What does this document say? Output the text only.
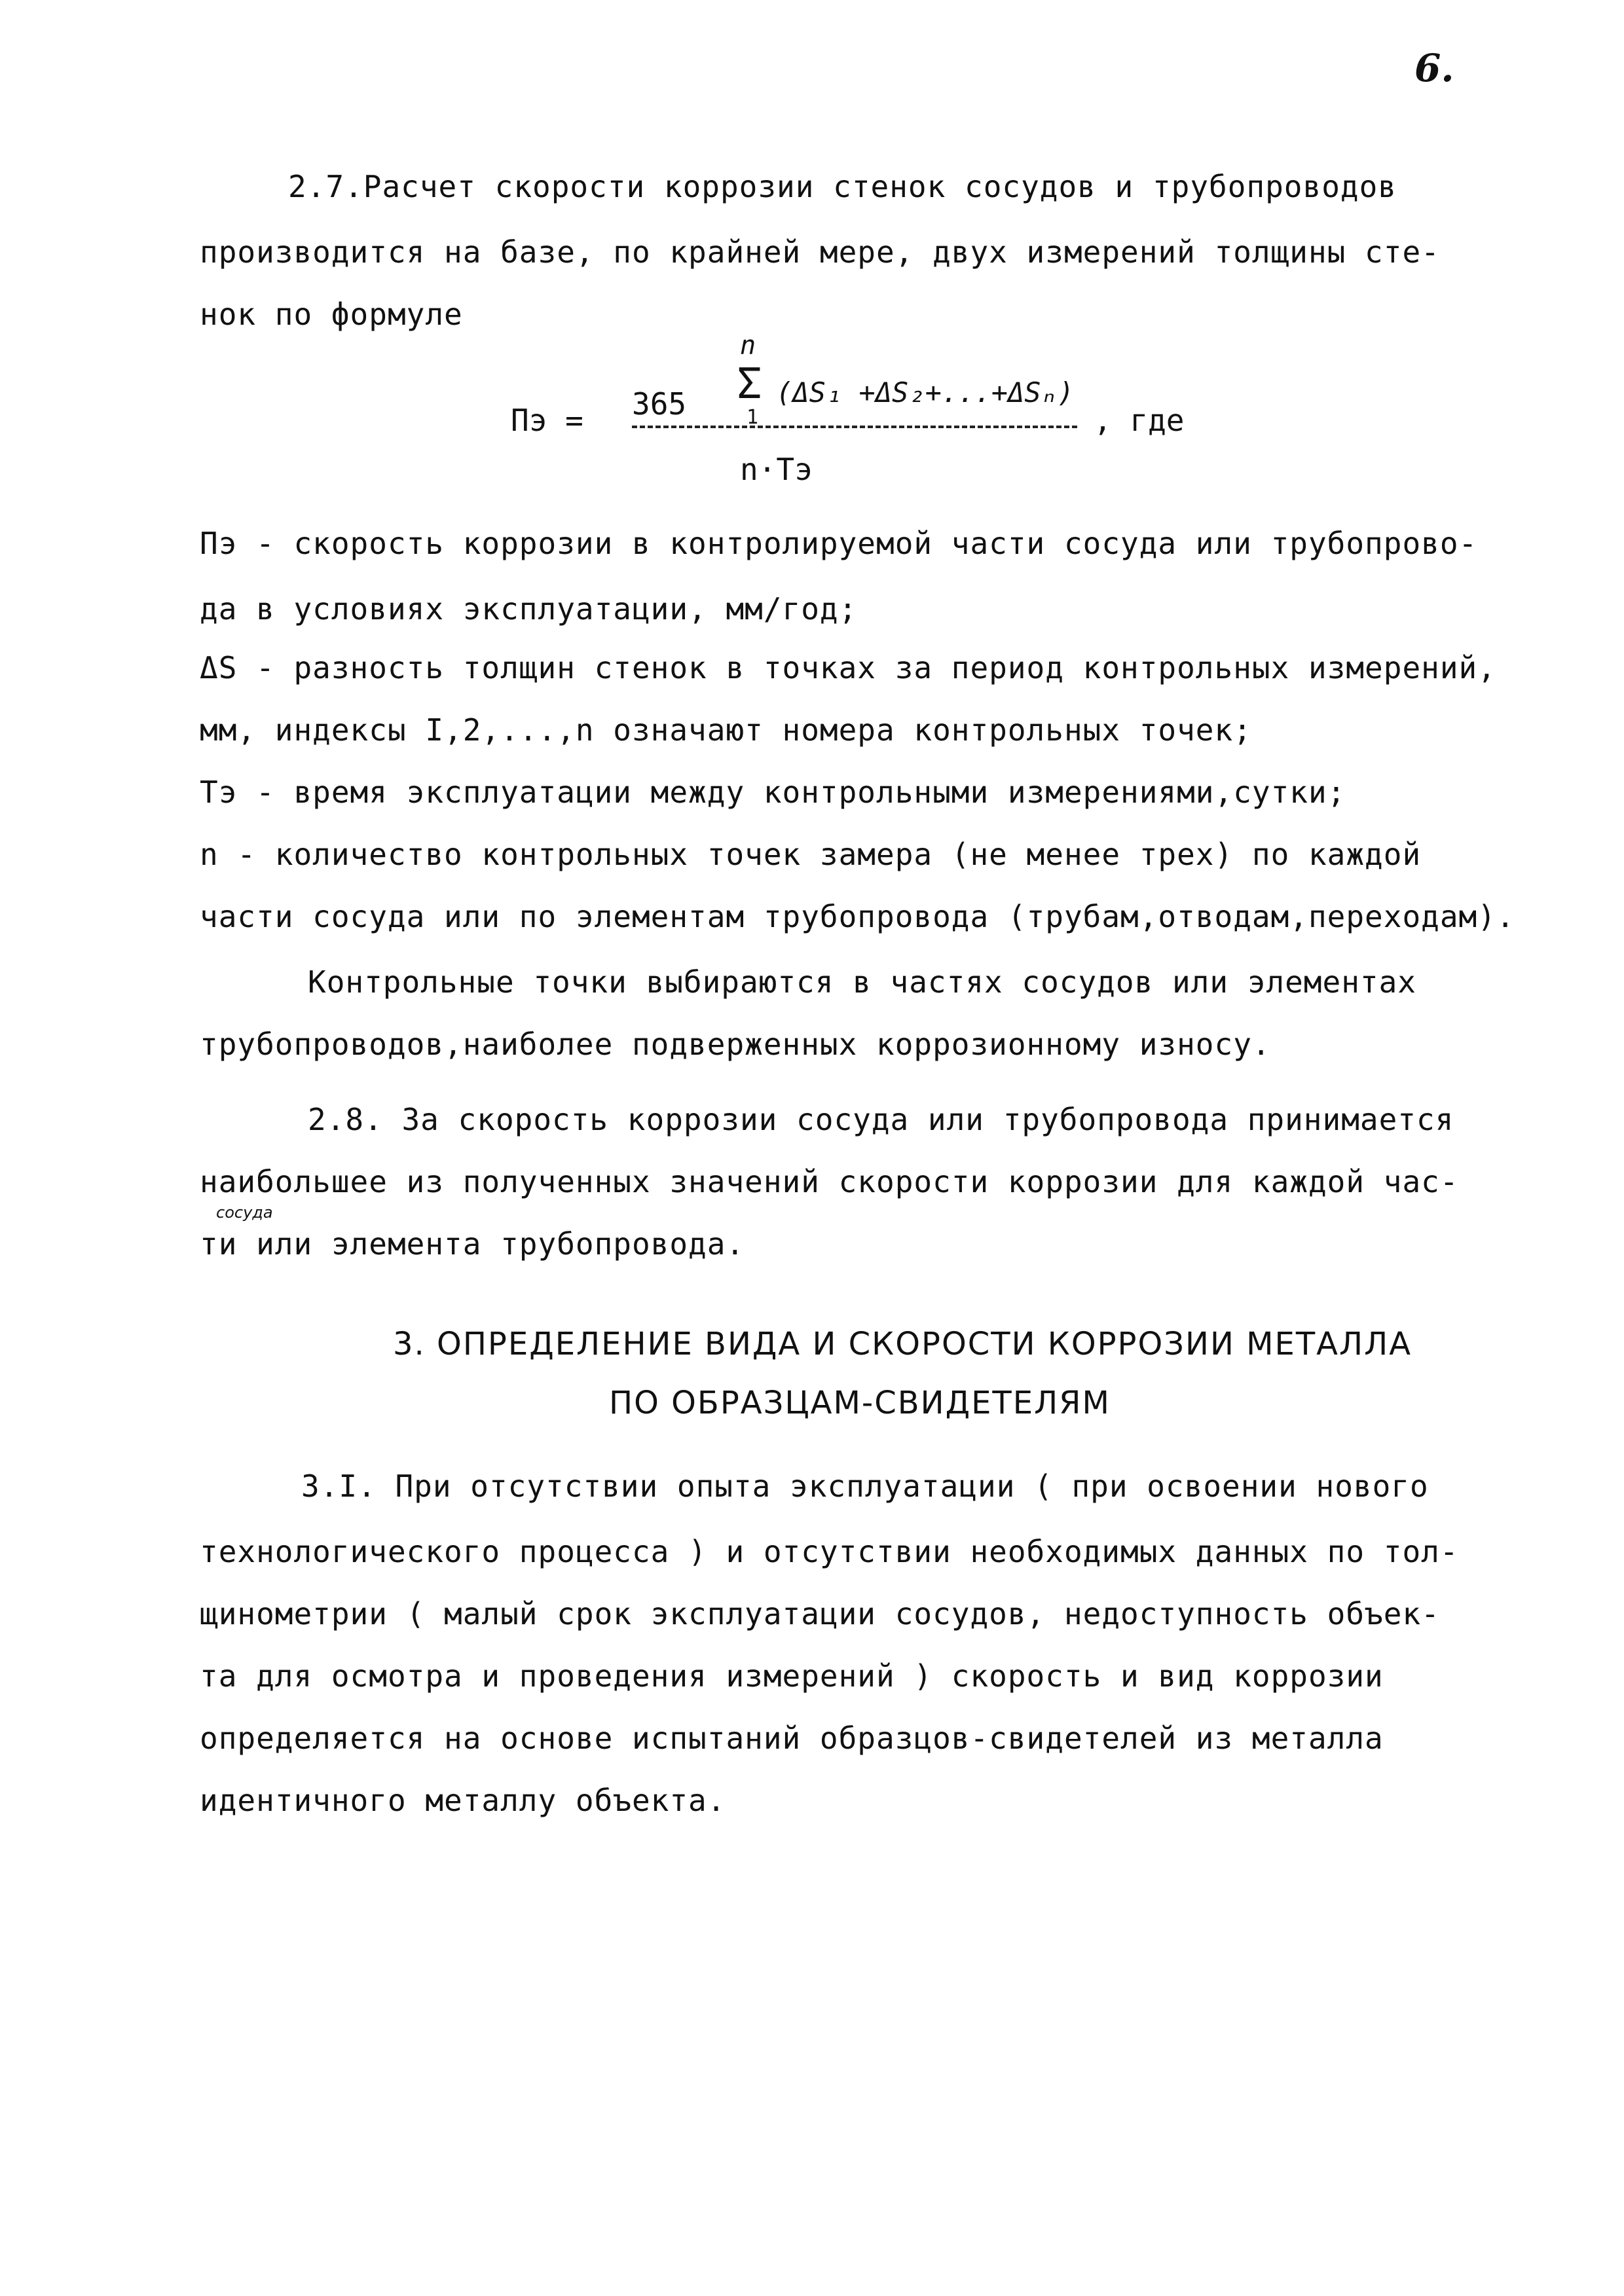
6.
2.7.Расчет скорости коррозии стенок сосудов и трубопроводов
производится на базе, по крайней мере, двух измерений толщины сте-
нок по формуле
Пэ = 365
n
Σ
1
(ΔS₁ +ΔS₂+...+ΔSₙ)
, где
n·Тэ
Пэ - скорость коррозии в контролируемой части сосуда или трубопрово-
да в условиях эксплуатации, мм/год;
ΔS - разность толщин стенок в точках за период контрольных измерений,
мм, индексы I,2,...,n означают номера контрольных точек;
Тэ - время эксплуатации между контрольными измерениями,сутки;
n - количество контрольных точек замера (не менее трех) по каждой
части сосуда или по элементам трубопровода (трубам,отводам,переходам).
Контрольные точки выбираются в частях сосудов или элементах
трубопроводов,наиболее подверженных коррозионному износу.
2.8. За скорость коррозии сосуда или трубопровода принимается
наибольшее из полученных значений скорости коррозии для каждой час-
сосуда
ти или элемента трубопровода.
3. ОПРЕДЕЛЕНИЕ ВИДА И СКОРОСТИ КОРРОЗИИ МЕТАЛЛА
ПО ОБРАЗЦАМ-СВИДЕТЕЛЯМ
3.I. При отсутствии опыта эксплуатации ( при освоении нового
технологического процесса ) и отсутствии необходимых данных по тол-
щинометрии ( малый срок эксплуатации сосудов, недоступность объек-
та для осмотра и проведения измерений ) скорость и вид коррозии
определяется на основе испытаний образцов-свидетелей из металла
идентичного металлу объекта.
